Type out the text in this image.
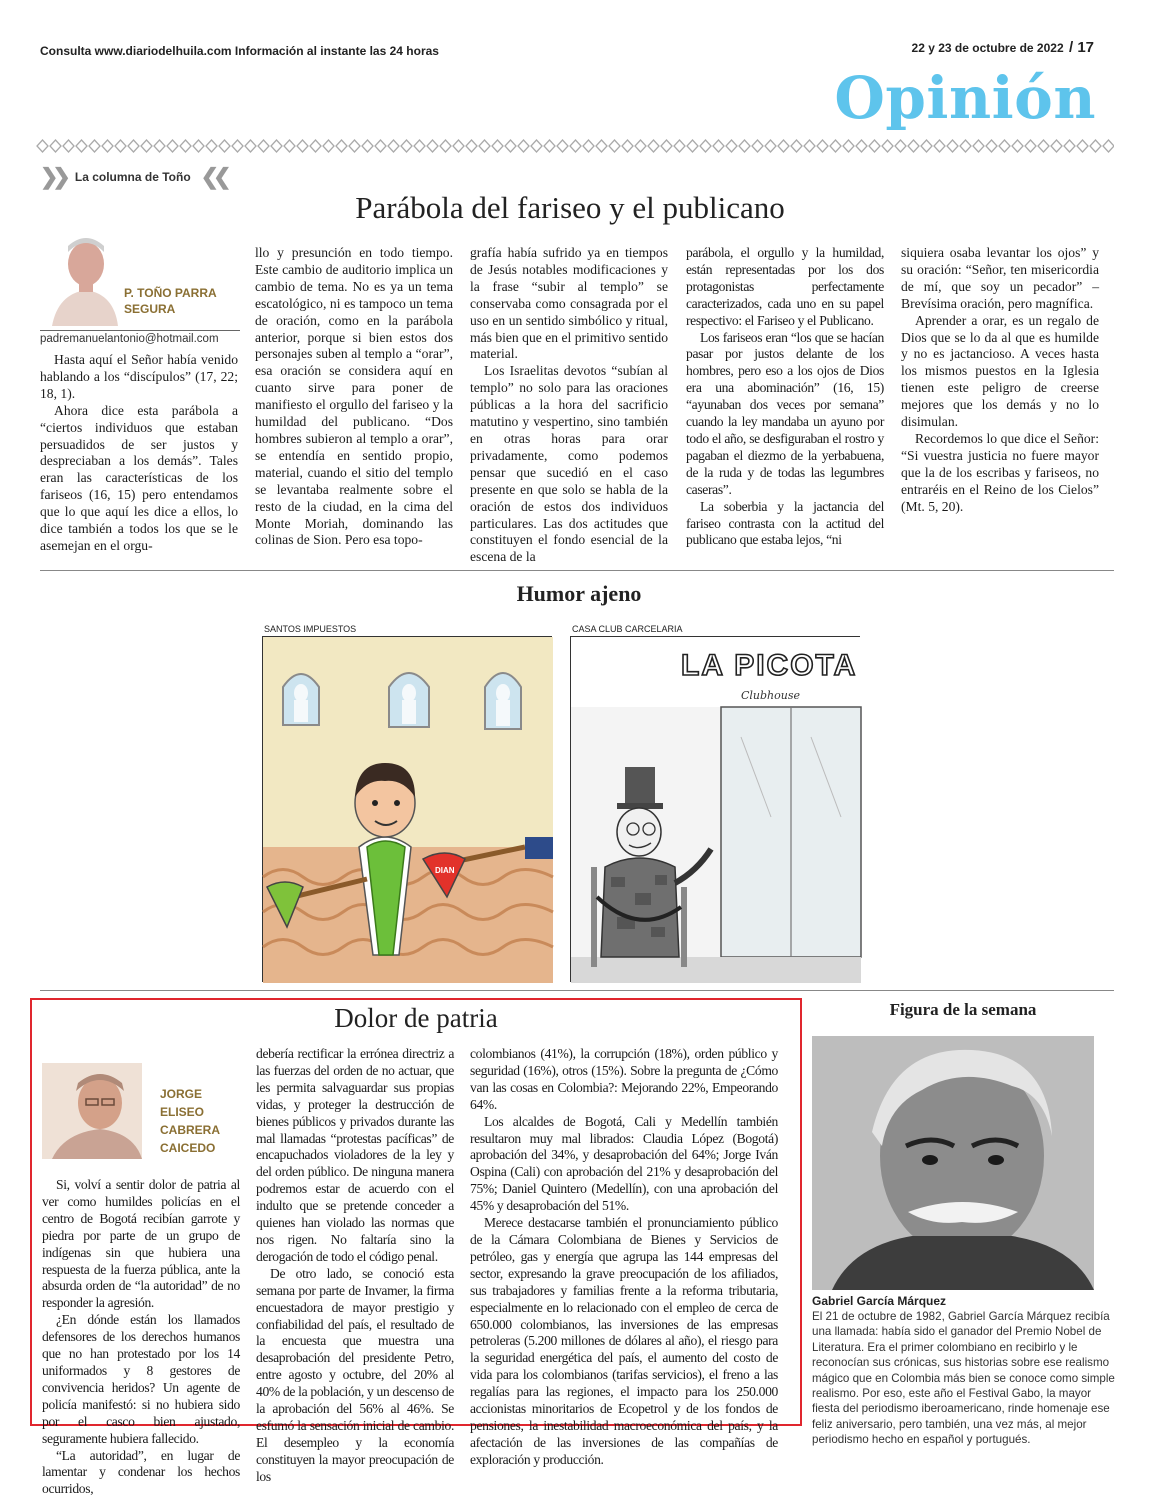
Consulta www.diariodelhuila.com Información al instante las 24 horas	22 y 23 de octubre de 2022 / 17
Opinión
❯❯ La columna de Toño ❮❮
Parábola del fariseo y el publicano
P. TOÑO PARRA SEGURA
padremanuelantonio@hotmail.com

Hasta aquí el Señor había venido hablando a los “discípulos” (17, 22; 18, 1).

Ahora dice esta parábola a “ciertos individuos que estaban persuadidos de ser justos y despreciaban a los demás”. Tales eran las características de los fariseos (16, 15) pero entendamos que lo que aquí les dice a ellos, lo dice también a todos los que se le asemejan en el orgu-

llo y presunción en todo tiempo. Este cambio de auditorio implica un cambio de tema. No es ya un tema escatológico, ni es tampoco un tema de oración, como en la parábola anterior, porque si bien estos dos personajes suben al templo a “orar”, esa oración se considera aquí en cuanto sirve para poner de manifiesto el orgullo del fariseo y la humildad del publicano. “Dos hombres subieron al templo a orar”, se entendía en sentido propio, material, cuando el sitio del templo se levantaba realmente sobre el resto de la ciudad, en la cima del Monte Moriah, dominando las colinas de Sion. Pero esa topo-

grafía había sufrido ya en tiempos de Jesús notables modificaciones y la frase “subir al templo” se conservaba como consagrada por el uso en un sentido simbólico y ritual, más bien que en el primitivo sentido material.

Los Israelitas devotos “subían al templo” no solo para las oraciones públicas a la hora del sacrificio matutino y vespertino, sino también en otras horas para orar privadamente, como podemos pensar que sucedió en el caso presente en que solo se habla de la oración de estos dos individuos particulares. Las dos actitudes que constituyen el fondo esencial de la escena de la

parábola, el orgullo y la humildad, están representadas por los dos protagonistas perfectamente caracterizados, cada uno en su papel respectivo: el Fariseo y el Publicano.

Los fariseos eran “los que se hacían pasar por justos delante de los hombres, pero eso a los ojos de Dios era una abominación” (16, 15) “ayunaban dos veces por semana” cuando la ley mandaba un ayuno por todo el año, se desfiguraban el rostro y pagaban el diezmo de la yerbabuena, de la ruda y de todas las legumbres caseras”.

La soberbia y la jactancia del fariseo contrasta con la actitud del publicano que estaba lejos, “ni

siquiera osaba levantar los ojos” y su oración: “Señor, ten misericordia de mí, que soy un pecador” –Brevísima oración, pero magnífica.

Aprender a orar, es un regalo de Dios que se lo da al que es humilde y no es jactancioso. A veces hasta los mismos puestos en la Iglesia tienen este peligro de creerse mejores que los demás y no lo disimulan.

Recordemos lo que dice el Señor: “Si vuestra justicia no fuere mayor que la de los escribas y fariseos, no entraréis en el Reino de los Cielos” (Mt. 5, 20).

Humor ajeno
SANTOS IMPUESTOS	CASA CLUB CARCELARIA
DIAN
LA PICOTA
Clubhouse
Dolor de patria
JORGE
ELISEO
CABRERA
CAICEDO

Si, volví a sentir dolor de patria al ver como humildes policías en el centro de Bogotá recibían garrote y piedra por parte de un grupo de indígenas sin que hubiera una respuesta de la fuerza pública, ante la absurda orden de “la autoridad” de no responder la agresión.

¿En dónde están los llamados defensores de los derechos humanos que no han protestado por los 14 uniformados y 8 gestores de convivencia heridos? Un agente de policía manifestó: si no hubiera sido por el casco bien ajustado, seguramente hubiera fallecido.

“La autoridad”, en lugar de lamentar y condenar los hechos ocurridos,

debería rectificar la errónea directriz a las fuerzas del orden de no actuar, que les permita salvaguardar sus propias vidas, y proteger la destrucción de bienes públicos y privados durante las mal llamadas “protestas pacíficas” de encapuchados violadores de la ley y del orden público. De ninguna manera podremos estar de acuerdo con el indulto que se pretende conceder a quienes han violado las normas que nos rigen. No faltaría sino la derogación de todo el código penal.

De otro lado, se conoció esta semana por parte de Invamer, la firma encuestadora de mayor prestigio y confiabilidad del país, el resultado de la encuesta que muestra una desaprobación del presidente Petro, entre agosto y octubre, del 20% al 40% de la población, y un descenso de la aprobación del 56% al 46%. Se esfumó la sensación inicial de cambio. El desempleo y la economía constituyen la mayor preocupación de los

colombianos (41%), la corrupción (18%), orden público y seguridad (16%), otros (15%). Sobre la pregunta de ¿Cómo van las cosas en Colombia?: Mejorando 22%, Empeorando 64%.

Los alcaldes de Bogotá, Cali y Medellín también resultaron muy mal librados: Claudia López (Bogotá) aprobación del 34%, y desaprobación del 64%; Jorge Iván Ospina (Cali) con aprobación del 21% y desaprobación del 75%; Daniel Quintero (Medellín), con una aprobación del 45% y desaprobación del 51%.

Merece destacarse también el pronunciamiento público de la Cámara Colombiana de Bienes y Servicios de petróleo, gas y energía que agrupa las 144 empresas del sector, expresando la grave preocupación de los afiliados, sus trabajadores y familias frente a la reforma tributaria, especialmente en lo relacionado con el empleo de cerca de 650.000 colombianos, las inversiones de las empresas petroleras (5.200 millones de dólares al año), el riesgo para la seguridad energética del país, el aumento del costo de vida para los colombianos (tarifas servicios), el freno a las regalías para las regiones, el impacto para los 250.000 accionistas minoritarios de Ecopetrol y de los fondos de pensiones, la inestabilidad macroeconómica del país, y la afectación de las inversiones de las compañías de exploración y producción.

Figura de la semana
Gabriel García Márquez
El 21 de octubre de 1982, Gabriel García Márquez recibía una llamada: había sido el ganador del Premio Nobel de Literatura. Era el primer colombiano en recibirlo y le reconocían sus crónicas, sus historias sobre ese realismo mágico que en Colombia más bien se conoce como simple realismo. Por eso, este año el Festival Gabo, la mayor fiesta del periodismo iberoamericano, rinde homenaje ese feliz aniversario, pero también, una vez más, al mejor periodismo hecho en español y portugués.
